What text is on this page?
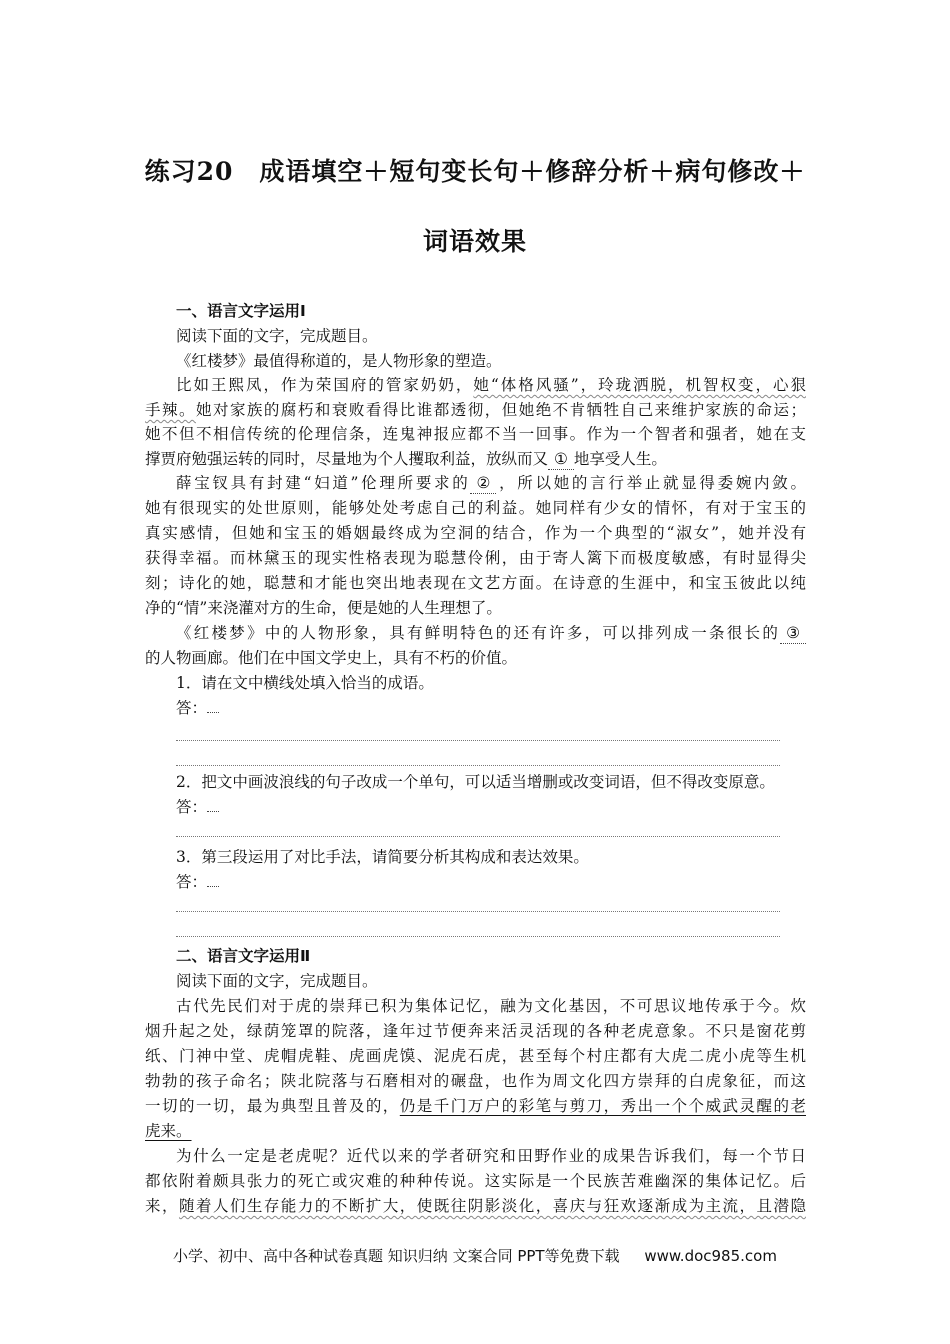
练习20　成语填空＋短句变长句＋修辞分析＋病句修改＋
词语效果
一、语言文字运用Ⅰ
阅读下面的文字，完成题目。
《红楼梦》最值得称道的，是人物形象的塑造。
比如王熙凤，作为荣国府的管家奶奶，她“体格风骚”，玲珑洒脱，机智权变，心狠
手辣。她对家族的腐朽和衰败看得比谁都透彻，但她绝不肯牺牲自己来维护家族的命运；
她不但不相信传统的伦理信条，连鬼神报应都不当一回事。作为一个智者和强者，她在支
撑贾府勉强运转的同时，尽量地为个人攫取利益，放纵而又 ① 地享受人生。
薛宝钗具有封建“妇道”伦理所要求的 ② ，所以她的言行举止就显得委婉内敛。
她有很现实的处世原则，能够处处考虑自己的利益。她同样有少女的情怀，有对于宝玉的
真实感情，但她和宝玉的婚姻最终成为空洞的结合，作为一个典型的“淑女”，她并没有
获得幸福。而林黛玉的现实性格表现为聪慧伶俐，由于寄人篱下而极度敏感，有时显得尖
刻；诗化的她，聪慧和才能也突出地表现在文艺方面。在诗意的生涯中，和宝玉彼此以纯
净的“情”来浇灌对方的生命，便是她的人生理想了。
《红楼梦》中的人物形象，具有鲜明特色的还有许多，可以排列成一条很长的 ③
的人物画廊。他们在中国文学史上，具有不朽的价值。
1．请在文中横线处填入恰当的成语。
答：
2．把文中画波浪线的句子改成一个单句，可以适当增删或改变词语，但不得改变原意。
答：
3．第三段运用了对比手法，请简要分析其构成和表达效果。
答：
二、语言文字运用Ⅱ
阅读下面的文字，完成题目。
古代先民们对于虎的崇拜已积为集体记忆，融为文化基因，不可思议地传承于今。炊
烟升起之处，绿荫笼罩的院落，逢年过节便奔来活灵活现的各种老虎意象。不只是窗花剪
纸、门神中堂、虎帽虎鞋、虎画虎馍、泥虎石虎，甚至每个村庄都有大虎二虎小虎等生机
勃勃的孩子命名；陕北院落与石磨相对的碾盘，也作为周文化四方崇拜的白虎象征，而这
一切的一切，最为典型且普及的，仍是千门万户的彩笔与剪刀，秀出一个个威武灵醒的老
虎来。
为什么一定是老虎呢？近代以来的学者研究和田野作业的成果告诉我们，每一个节日
都依附着颇具张力的死亡或灾难的种种传说。这实际是一个民族苦难幽深的集体记忆。后
来，随着人们生存能力的不断扩大，使既往阴影淡化，喜庆与狂欢逐渐成为主流，且潜隐
小学、初中、高中各种试卷真题 知识归纳 文案合同 PPT等免费下载 www.doc985.com
